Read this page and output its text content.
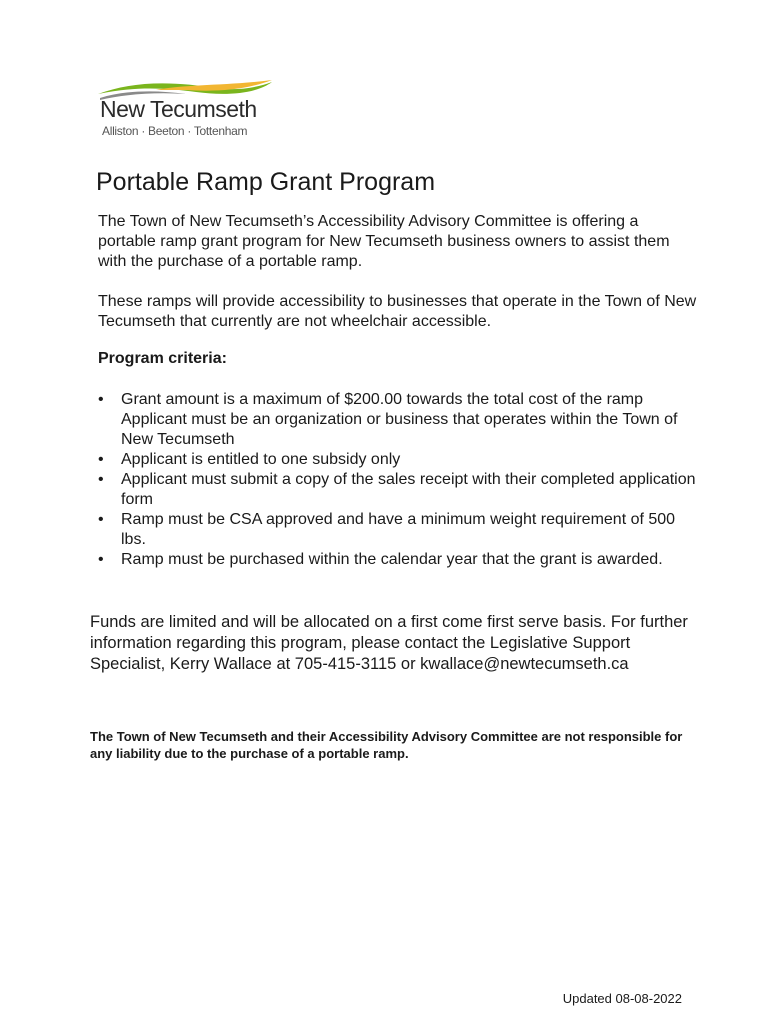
New Tecumseth
Alliston · Beeton · Tottenham
Portable Ramp Grant Program

The Town of New Tecumseth’s Accessibility Advisory Committee is offering a portable ramp grant program for New Tecumseth business owners to assist them with the purchase of a portable ramp.

These ramps will provide accessibility to businesses that operate in the Town of New Tecumseth that currently are not wheelchair accessible.

Program criteria:

• Grant amount is a maximum of $200.00 towards the total cost of the ramp Applicant must be an organization or business that operates within the Town of New Tecumseth
• Applicant is entitled to one subsidy only
• Applicant must submit a copy of the sales receipt with their completed application form
• Ramp must be CSA approved and have a minimum weight requirement of 500 lbs.
• Ramp must be purchased within the calendar year that the grant is awarded.

Funds are limited and will be allocated on a first come first serve basis. For further information regarding this program, please contact the Legislative Support Specialist, Kerry Wallace at 705-415-3115 or kwallace@newtecumseth.ca

The Town of New Tecumseth and their Accessibility Advisory Committee are not responsible for any liability due to the purchase of a portable ramp.

Updated 08-08-2022
